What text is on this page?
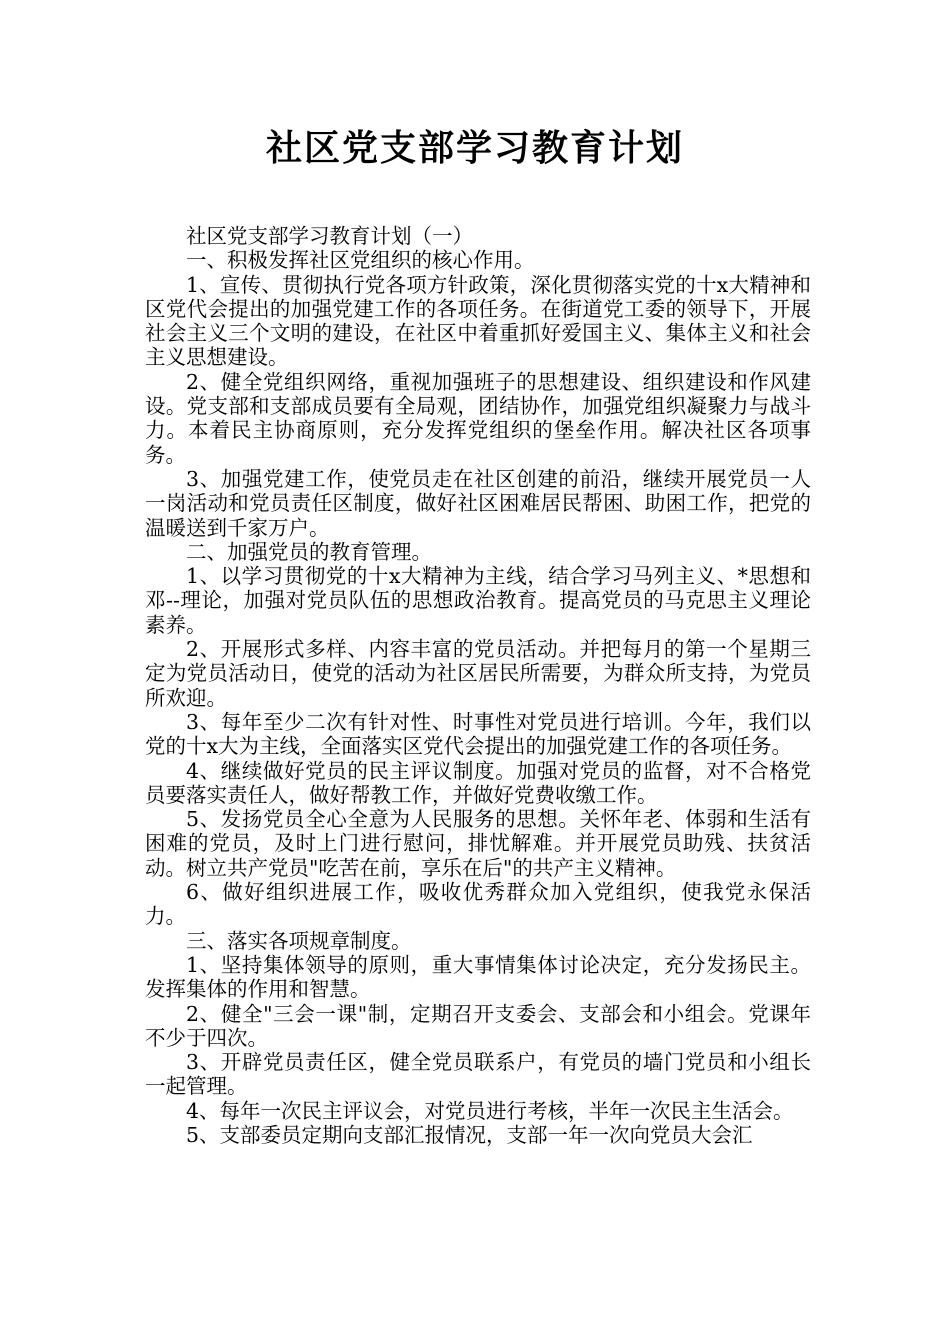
社区党支部学习教育计划

社区党支部学习教育计划（一）

一、积极发挥社区党组织的核心作用。

1、宣传、贯彻执行党各项方针政策，深化贯彻落实党的十x大精神和区党代会提出的加强党建工作的各项任务。在街道党工委的领导下，开展社会主义三个文明的建设，在社区中着重抓好爱国主义、集体主义和社会主义思想建设。

2、健全党组织网络，重视加强班子的思想建设、组织建设和作风建设。党支部和支部成员要有全局观，团结协作，加强党组织凝聚力与战斗力。本着民主协商原则，充分发挥党组织的堡垒作用。解决社区各项事务。

3、加强党建工作，使党员走在社区创建的前沿，继续开展党员一人一岗活动和党员责任区制度，做好社区困难居民帮困、助困工作，把党的温暖送到千家万户。

二、加强党员的教育管理。

1、以学习贯彻党的十x大精神为主线，结合学习马列主义、*思想和邓--理论，加强对党员队伍的思想政治教育。提高党员的马克思主义理论素养。

2、开展形式多样、内容丰富的党员活动。并把每月的第一个星期三定为党员活动日，使党的活动为社区居民所需要，为群众所支持，为党员所欢迎。

3、每年至少二次有针对性、时事性对党员进行培训。今年，我们以党的十x大为主线，全面落实区党代会提出的加强党建工作的各项任务。

4、继续做好党员的民主评议制度。加强对党员的监督，对不合格党员要落实责任人，做好帮教工作，并做好党费收缴工作。

5、发扬党员全心全意为人民服务的思想。关怀年老、体弱和生活有困难的党员，及时上门进行慰问，排忧解难。并开展党员助残、扶贫活动。树立共产党员"吃苦在前，享乐在后"的共产主义精神。

6、做好组织进展工作，吸收优秀群众加入党组织，使我党永保活力。

三、落实各项规章制度。

1、坚持集体领导的原则，重大事情集体讨论决定，充分发扬民主。发挥集体的作用和智慧。

2、健全"三会一课"制，定期召开支委会、支部会和小组会。党课年不少于四次。

3、开辟党员责任区，健全党员联系户，有党员的墙门党员和小组长一起管理。

4、每年一次民主评议会，对党员进行考核，半年一次民主生活会。

5、支部委员定期向支部汇报情况，支部一年一次向党员大会汇
